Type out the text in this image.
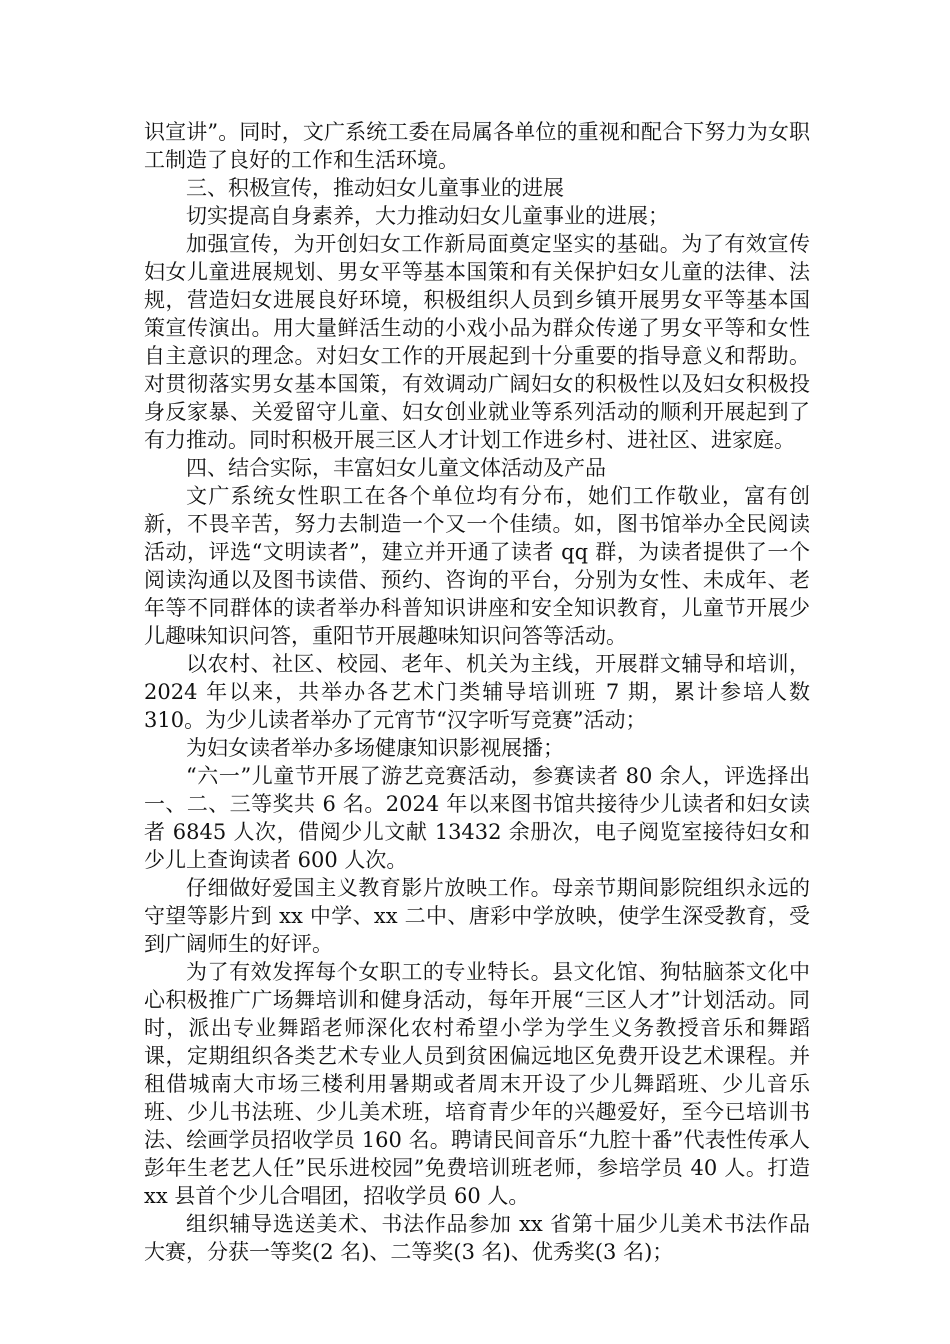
识宣讲”。同时，文广系统工委在局属各单位的重视和配合下努力为女职工制造了良好的工作和生活环境。

三、积极宣传，推动妇女儿童事业的进展

切实提高自身素养，大力推动妇女儿童事业的进展；

加强宣传，为开创妇女工作新局面奠定坚实的基础。为了有效宣传妇女儿童进展规划、男女平等基本国策和有关保护妇女儿童的法律、法规，营造妇女进展良好环境，积极组织人员到乡镇开展男女平等基本国策宣传演出。用大量鲜活生动的小戏小品为群众传递了男女平等和女性自主意识的理念。对妇女工作的开展起到十分重要的指导意义和帮助。对贯彻落实男女基本国策，有效调动广阔妇女的积极性以及妇女积极投身反家暴、关爱留守儿童、妇女创业就业等系列活动的顺利开展起到了有力推动。同时积极开展三区人才计划工作进乡村、进社区、进家庭。

四、结合实际，丰富妇女儿童文体活动及产品

文广系统女性职工在各个单位均有分布，她们工作敬业，富有创新，不畏辛苦，努力去制造一个又一个佳绩。如，图书馆举办全民阅读活动，评选“文明读者”，建立并开通了读者 qq 群，为读者提供了一个阅读沟通以及图书读借、预约、咨询的平台，分别为女性、未成年、老年等不同群体的读者举办科普知识讲座和安全知识教育，儿童节开展少儿趣味知识问答，重阳节开展趣味知识问答等活动。

以农村、社区、校园、老年、机关为主线，开展群文辅导和培训，2024 年以来，共举办各艺术门类辅导培训班 7 期，累计参培人数 310。为少儿读者举办了元宵节“汉字听写竞赛”活动；

为妇女读者举办多场健康知识影视展播；

“六一”儿童节开展了游艺竞赛活动，参赛读者 80 余人，评选择出一、二、三等奖共 6 名。2024 年以来图书馆共接待少儿读者和妇女读者 6845 人次，借阅少儿文献 13432 余册次，电子阅览室接待妇女和少儿上查询读者 600 人次。

仔细做好爱国主义教育影片放映工作。母亲节期间影院组织永远的守望等影片到 xx 中学、xx 二中、唐彩中学放映，使学生深受教育，受到广阔师生的好评。

为了有效发挥每个女职工的专业特长。县文化馆、狗牯脑茶文化中心积极推广广场舞培训和健身活动，每年开展“三区人才”计划活动。同时，派出专业舞蹈老师深化农村希望小学为学生义务教授音乐和舞蹈课，定期组织各类艺术专业人员到贫困偏远地区免费开设艺术课程。并租借城南大市场三楼利用暑期或者周末开设了少儿舞蹈班、少儿音乐班、少儿书法班、少儿美术班，培育青少年的兴趣爱好，至今已培训书法、绘画学员招收学员 160 名。聘请民间音乐“九腔十番”代表性传承人彭年生老艺人任”民乐进校园”免费培训班老师，参培学员 40 人。打造 xx 县首个少儿合唱团，招收学员 60 人。

组织辅导选送美术、书法作品参加 xx 省第十届少儿美术书法作品大赛，分获一等奖(2 名)、二等奖(3 名)、优秀奖(3 名)；
